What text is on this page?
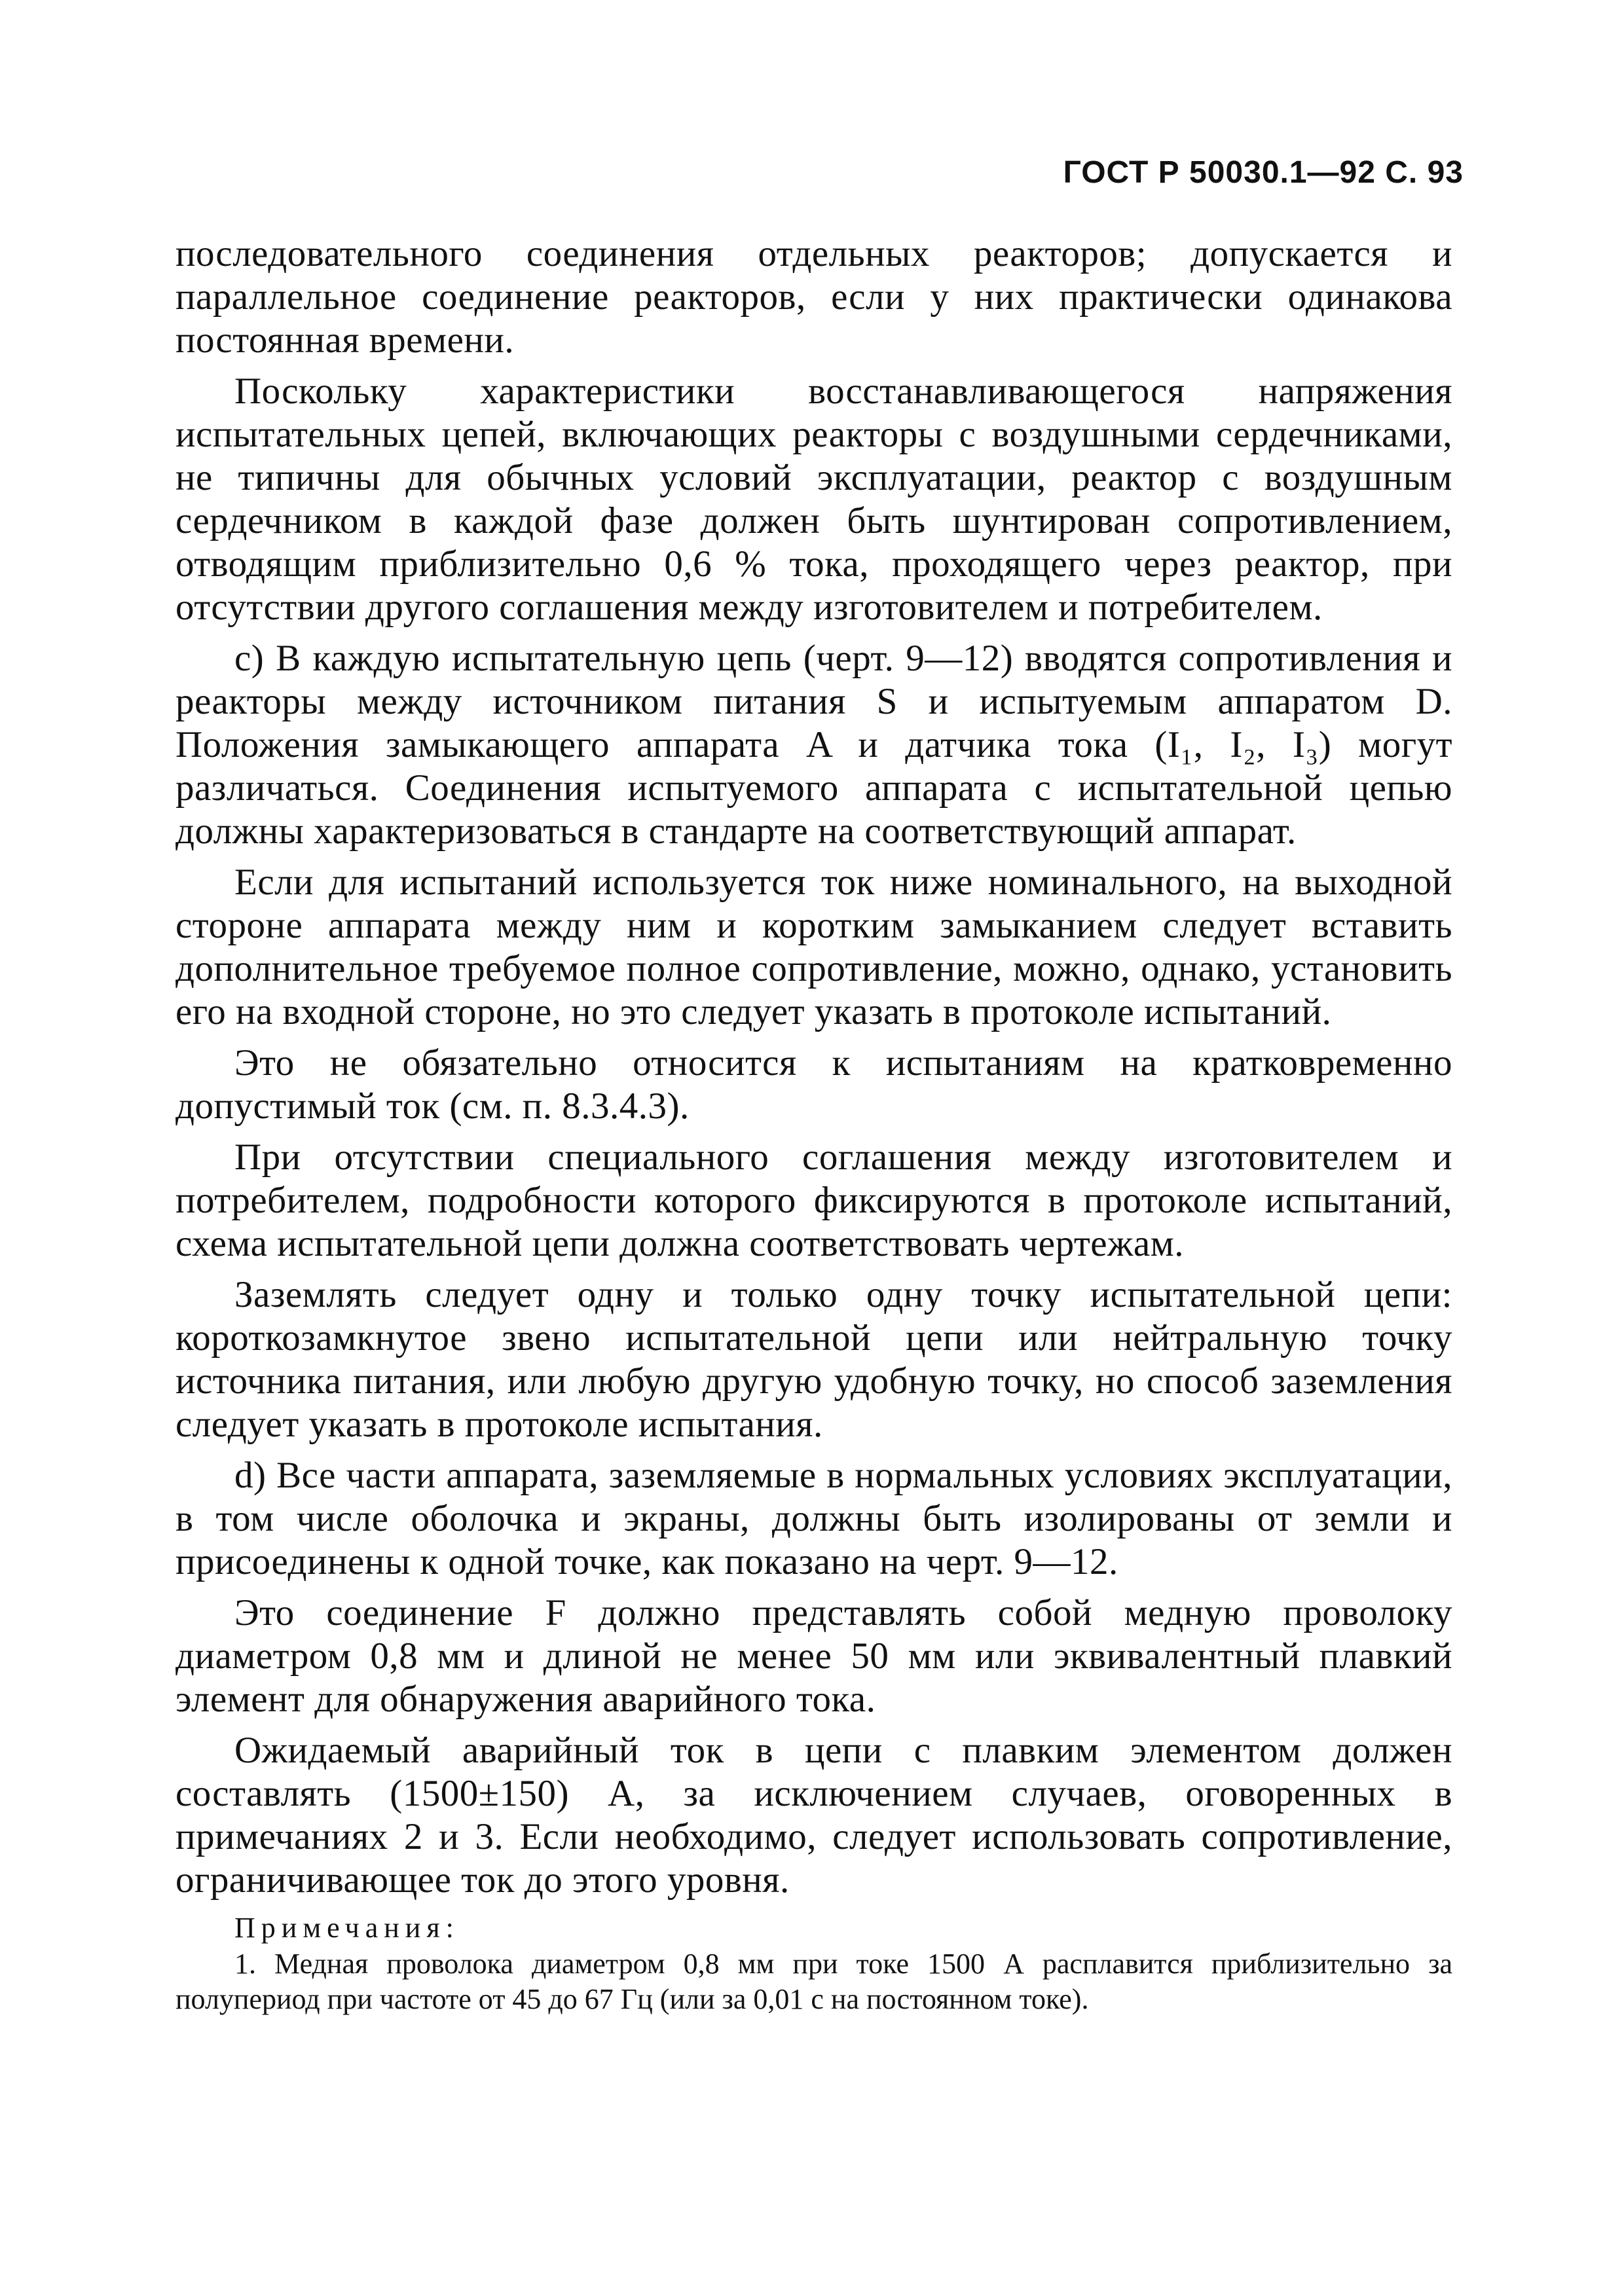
ГОСТ Р 50030.1—92 С. 93

последовательного соединения отдельных реакторов; допускается и параллельное соединение реакторов, если у них практически одинакова постоянная времени.

Поскольку характеристики восстанавливающегося напряжения испытательных цепей, включающих реакторы с воздушными сердечниками, не типичны для обычных условий эксплуатации, реактор с воздушным сердечником в каждой фазе должен быть шунтирован сопротивлением, отводящим приблизительно 0,6 % тока, проходящего через реактор, при отсутствии другого соглашения между изготовителем и потребителем.

с) В каждую испытательную цепь (черт. 9—12) вводятся сопротивления и реакторы между источником питания S и испытуемым аппаратом D. Положения замыкающего аппарата A и датчика тока (I₁, I₂, I₃) могут различаться. Соединения испытуемого аппарата с испытательной цепью должны характеризоваться в стандарте на соответствующий аппарат.

Если для испытаний используется ток ниже номинального, на выходной стороне аппарата между ним и коротким замыканием следует вставить дополнительное требуемое полное сопротивление, можно, однако, установить его на входной стороне, но это следует указать в протоколе испытаний.

Это не обязательно относится к испытаниям на кратковременно допустимый ток (см. п. 8.3.4.3).

При отсутствии специального соглашения между изготовителем и потребителем, подробности которого фиксируются в протоколе испытаний, схема испытательной цепи должна соответствовать чертежам.

Заземлять следует одну и только одну точку испытательной цепи: короткозамкнутое звено испытательной цепи или нейтральную точку источника питания, или любую другую удобную точку, но способ заземления следует указать в протоколе испытания.

d) Все части аппарата, заземляемые в нормальных условиях эксплуатации, в том числе оболочка и экраны, должны быть изолированы от земли и присоединены к одной точке, как показано на черт. 9—12.

Это соединение F должно представлять собой медную проволоку диаметром 0,8 мм и длиной не менее 50 мм или эквивалентный плавкий элемент для обнаружения аварийного тока.

Ожидаемый аварийный ток в цепи с плавким элементом должен составлять (1500±150) А, за исключением случаев, оговоренных в примечаниях 2 и 3. Если необходимо, следует использовать сопротивление, ограничивающее ток до этого уровня.

Примечания:

1. Медная проволока диаметром 0,8 мм при токе 1500 А расплавится приблизительно за полупериод при частоте от 45 до 67 Гц (или за 0,01 с на постоянном токе).
